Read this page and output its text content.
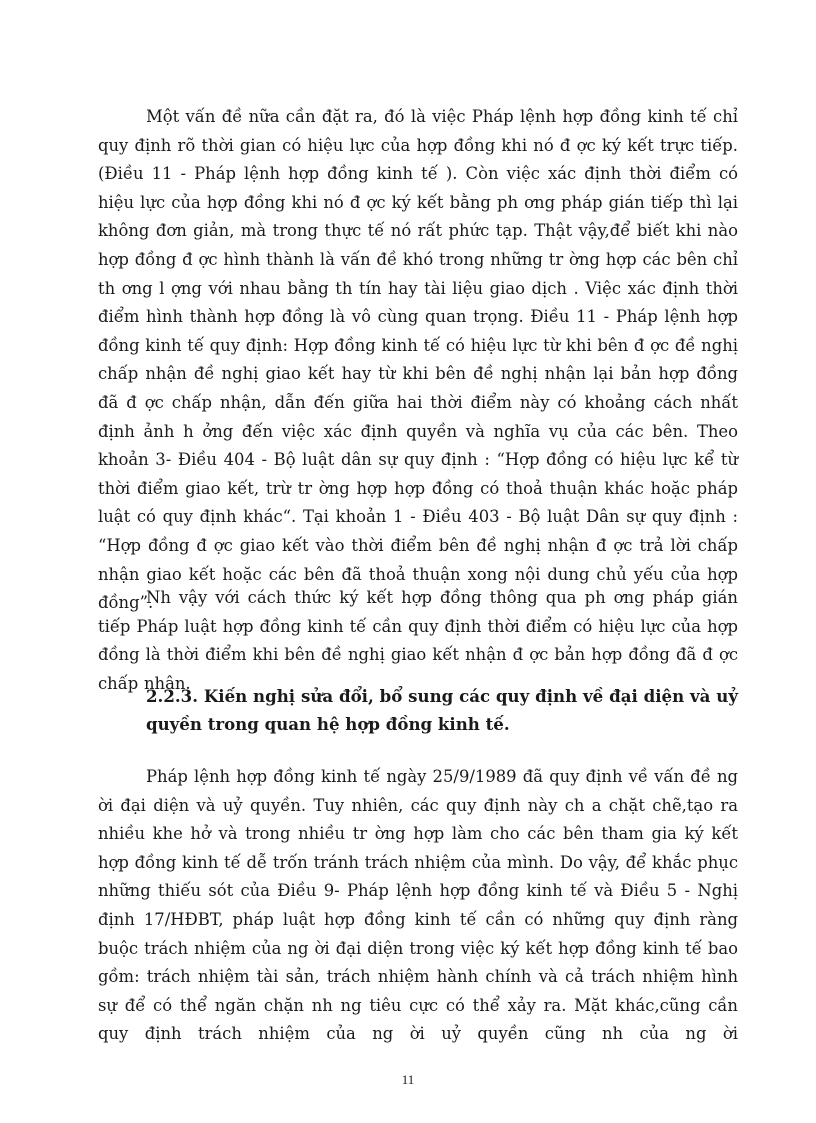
Một vấn đề nữa cần đặt ra, đó là việc Pháp lệnh hợp đồng kinh tế chỉ quy định rõ thời gian có hiệu lực của hợp đồng khi nó đ ợc ký kết trực tiếp.(Điều 11 - Pháp lệnh hợp đồng kinh tế ). Còn việc xác định thời điểm có hiệu lực của hợp đồng khi nó đ ợc ký kết bằng ph ơng pháp gián tiếp thì lại không đơn giản, mà trong thực tế nó rất phức tạp. Thật vậy,để biết khi nào hợp đồng đ ợc hình thành là vấn đề khó trong những tr ờng hợp các bên chỉ th ơng l ợng với nhau bằng th tín hay tài liệu giao dịch . Việc xác định thời điểm hình thành hợp đồng là vô cùng quan trọng. Điều 11 - Pháp lệnh hợp đồng kinh tế quy định: Hợp đồng kinh tế có hiệu lực từ khi bên đ ợc đề nghị chấp nhận đề nghị giao kết hay từ khi bên đề nghị nhận lại bản hợp đồng đã đ ợc chấp nhận, dẫn đến giữa hai thời điểm này có khoảng cách nhất định ảnh h ởng đến việc xác định quyền và nghĩa vụ của các bên. Theo khoản 3- Điều 404 - Bộ luật dân sự quy định : “Hợp đồng có hiệu lực kể từ thời điểm giao kết, trừ tr ờng hợp hợp đồng có thoả thuận khác hoặc pháp luật có quy định khác“. Tại khoản 1 - Điều 403 - Bộ luật Dân sự quy định : “Hợp đồng đ ợc giao kết vào thời điểm bên đề nghị nhận đ ợc trả lời chấp nhận giao kết hoặc các bên đã thoả thuận xong nội dung chủ yếu của hợp đồng”.

Nh vậy với cách thức ký kết hợp đồng thông qua ph ơng pháp gián tiếp Pháp luật hợp đồng kinh tế cần quy định thời điểm có hiệu lực của hợp đồng là thời điểm khi bên đề nghị giao kết nhận đ ợc bản hợp đồng đã đ ợc chấp nhận.

2.2.3. Kiến nghị sửa đổi, bổ sung các quy định về đại diện và uỷ quyền trong quan hệ hợp đồng kinh tế.

Pháp lệnh hợp đồng kinh tế ngày 25/9/1989 đã quy định về vấn đề ng ời đại diện và uỷ quyền. Tuy nhiên, các quy định này ch a chặt chẽ,tạo ra nhiều khe hở và trong nhiều tr ờng hợp làm cho các bên tham gia ký kết hợp đồng kinh tế dễ trốn tránh trách nhiệm của mình. Do vậy, để khắc phục những thiếu sót của Điều 9- Pháp lệnh hợp đồng kinh tế và Điều 5 - Nghị định 17/HĐBT, pháp luật hợp đồng kinh tế cần có những quy định ràng buộc trách nhiệm của ng ời đại diện trong việc ký kết hợp đồng kinh tế bao gồm: trách nhiệm tài sản, trách nhiệm hành chính và cả trách nhiệm hình sự để có thể ngăn chặn nh ng tiêu cực có thể xảy ra. Mặt khác,cũng cần quy định trách nhiệm của ng ời uỷ quyền cũng nh của ng ời

11
